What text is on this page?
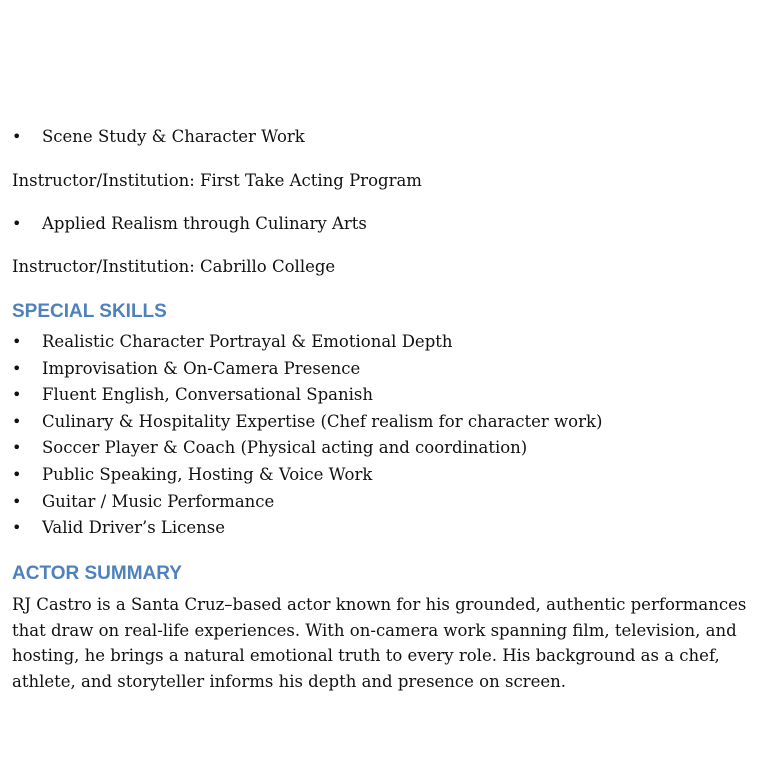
• Scene Study & Character Work
Instructor/Institution: First Take Acting Program
• Applied Realism through Culinary Arts
Instructor/Institution: Cabrillo College
SPECIAL SKILLS
• Realistic Character Portrayal & Emotional Depth
• Improvisation & On-Camera Presence
• Fluent English, Conversational Spanish
• Culinary & Hospitality Expertise (Chef realism for character work)
• Soccer Player & Coach (Physical acting and coordination)
• Public Speaking, Hosting & Voice Work
• Guitar / Music Performance
• Valid Driver’s License
ACTOR SUMMARY

RJ Castro is a Santa Cruz–based actor known for his grounded, authentic performances that draw on real-life experiences. With on-camera work spanning film, television, and hosting, he brings a natural emotional truth to every role. His background as a chef, athlete, and storyteller informs his depth and presence on screen.
